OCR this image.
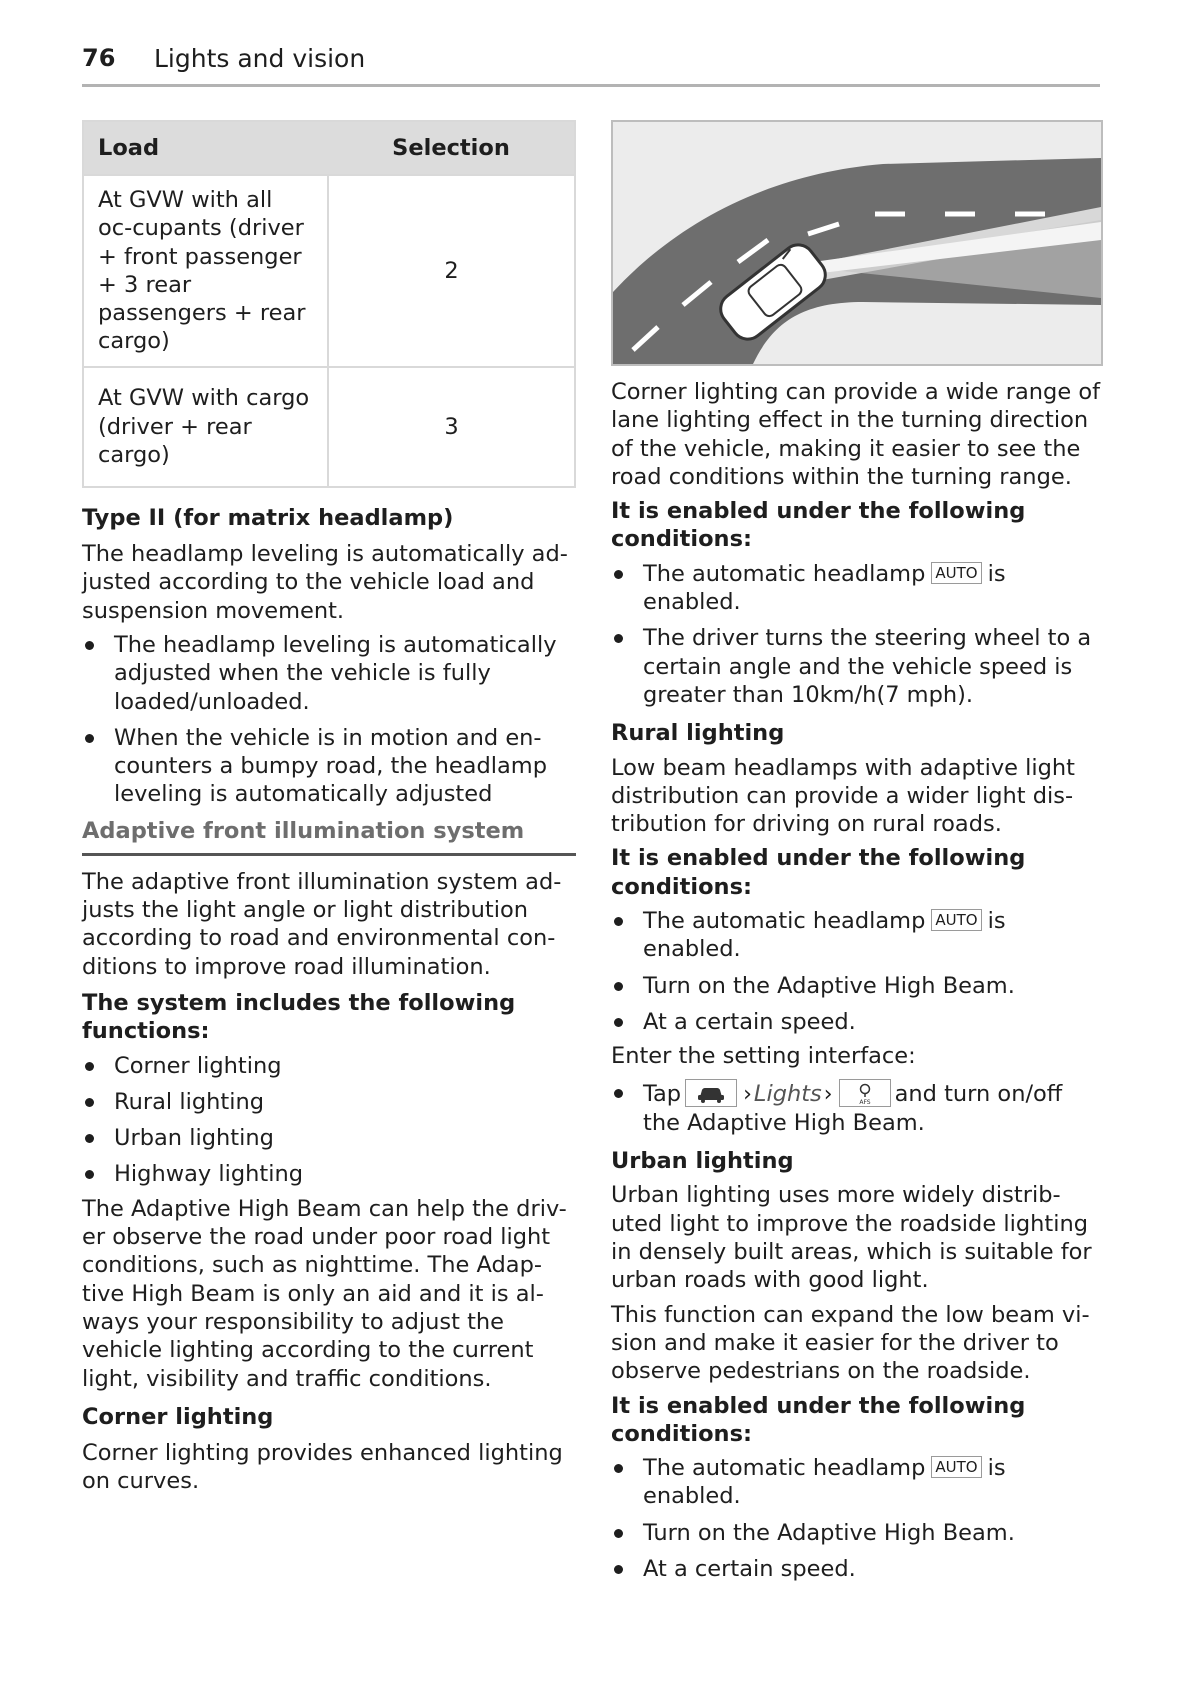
76 Lights and vision
Load	Selection
At GVW with all oc-cupants (driver + front passenger + 3 rear passengers + rear cargo)	2
At GVW with cargo (driver + rear cargo)	3

Type II (for matrix headlamp)

The headlamp leveling is automatically ad-justed according to the vehicle load and suspension movement.

The headlamp leveling is automatically adjusted when the vehicle is fully loaded/unloaded.
When the vehicle is in motion and en-counters a bumpy road, the headlamp leveling is automatically adjusted

Adaptive front illumination system

The adaptive front illumination system ad-justs the light angle or light distribution according to road and environmental con-ditions to improve road illumination.

The system includes the following functions:

Corner lighting
Rural lighting
Urban lighting
Highway lighting

The Adaptive High Beam can help the driv-er observe the road under poor road light conditions, such as nighttime. The Adap-tive High Beam is only an aid and it is al-ways your responsibility to adjust the vehicle lighting according to the current light, visibility and traffic conditions.

Corner lighting

Corner lighting provides enhanced lighting on curves.

Corner lighting can provide a wide range of lane lighting effect in the turning direction of the vehicle, making it easier to see the road conditions within the turning range.

It is enabled under the following conditions:

The automatic headlamp AUTO is enabled.
The driver turns the steering wheel to a certain angle and the vehicle speed is greater than 10km/h(7 mph).

Rural lighting

Low beam headlamps with adaptive light distribution can provide a wider light dis-tribution for driving on rural roads.

It is enabled under the following conditions:

The automatic headlamp AUTO is enabled.
Turn on the Adaptive High Beam.
At a certain speed.

Enter the setting interface:

Tap	›Lights›	AFS and turn on/off the Adaptive High Beam.

Urban lighting

Urban lighting uses more widely distrib-uted light to improve the roadside lighting in densely built areas, which is suitable for urban roads with good light.

This function can expand the low beam vi-sion and make it easier for the driver to observe pedestrians on the roadside.

It is enabled under the following conditions:

The automatic headlamp AUTO is enabled.
Turn on the Adaptive High Beam.
At a certain speed.
